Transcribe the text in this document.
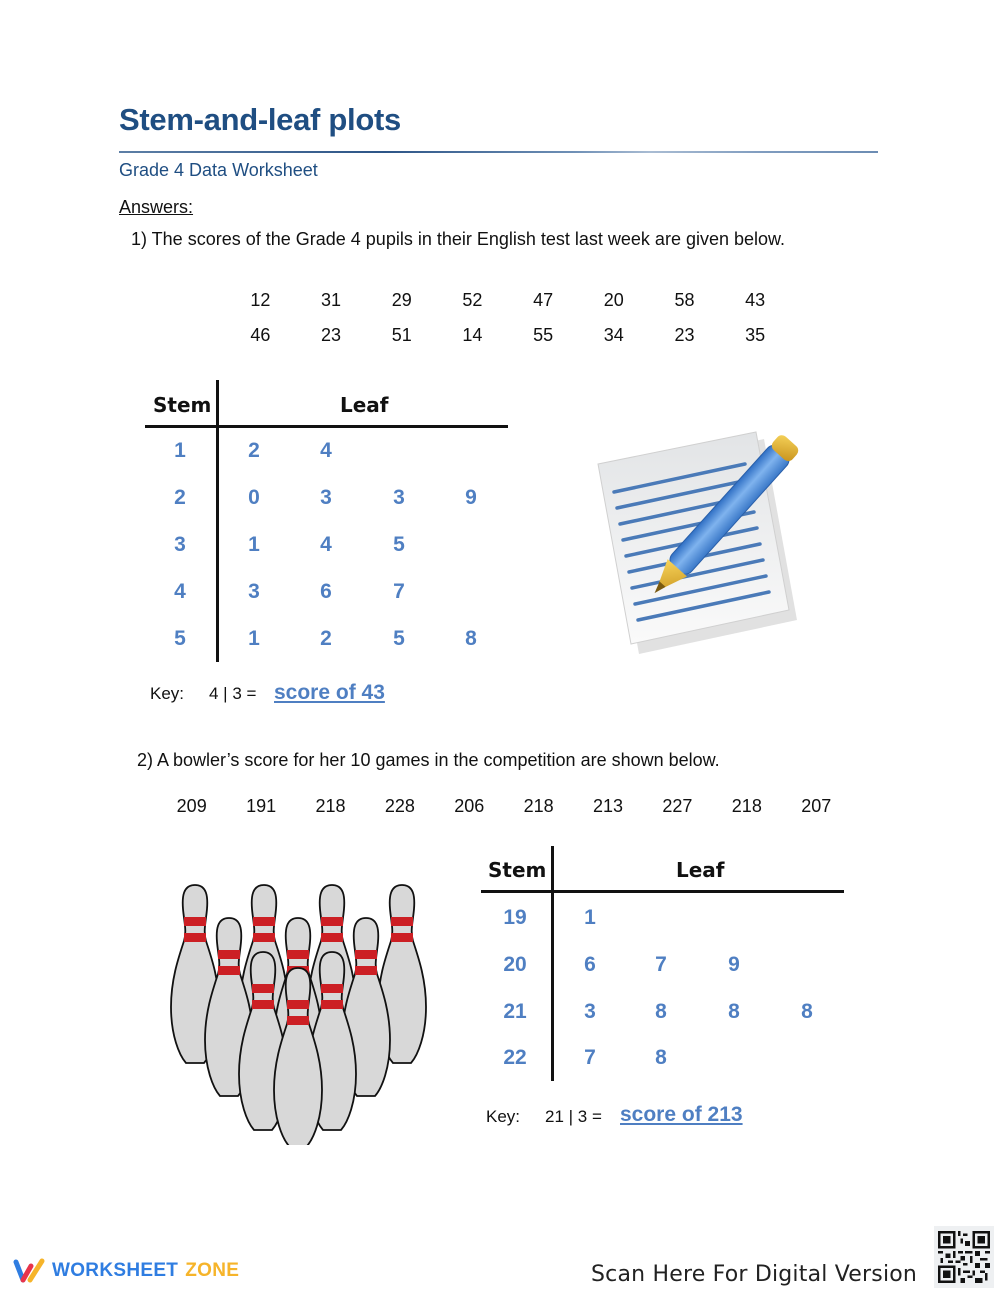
Stem-and-leaf plots
Grade 4 Data Worksheet
Answers:
1) The scores of the Grade 4 pupils in their English test last week are given below.
12	31	29	52	47	20	58	43
46	23	51	14	55	34	23	35
Stem	Leaf
1	2	4
2	0	3	3	9
3	1	4	5
4	3	6	7
5	1	2	5	8
Key: 4 | 3 = score of 43
2) A bowler’s score for her 10 games in the competition are shown below.
209	191	218	228	206	218	213	227	218	207
Stem	Leaf
19	1
20	6	7	9
21	3	8	8	8
22	7	8
Key: 21 | 3 = score of 213
WORKSHEET ZONE	Scan Here For Digital Version
